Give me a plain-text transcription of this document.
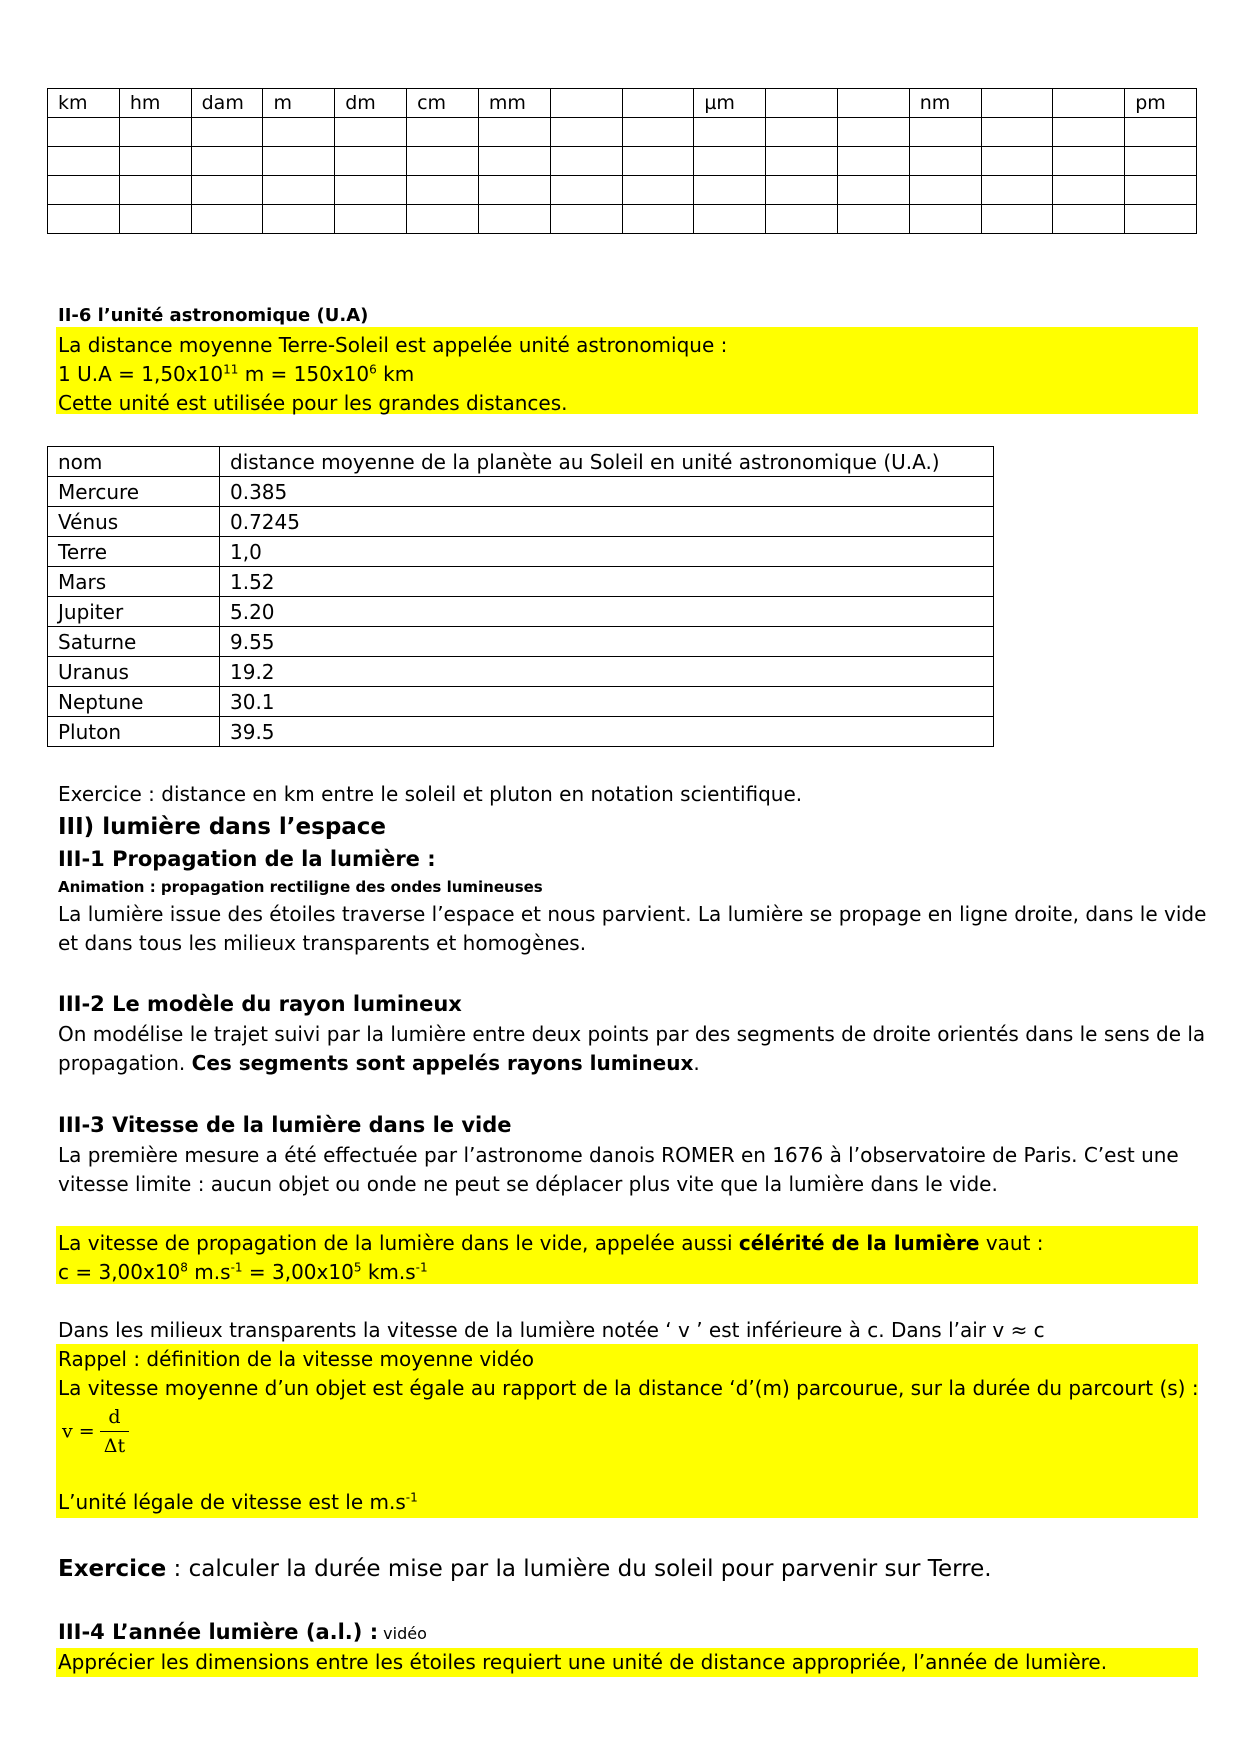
km	hm	dam	m	dm	cm	mm			µm			nm			pm

II-6 l’unité astronomique (U.A)
La distance moyenne Terre-Soleil est appelée unité astronomique :
1 $U.A = 1,50x10^{11}$ $m = 150x10^6$ km
Cette unité est utilisée pour les grandes distances.
nom	distance moyenne de la planète au Soleil en unité astronomique (U.A.)
Mercure	0.385
Vénus	0.7245
Terre	1,0
Mars	1.52
Jupiter	5.20
Saturne	9.55
Uranus	19.2
Neptune	30.1
Pluton	39.5
Exercice : distance en km entre le soleil et pluton en notation scientifique.
III) lumière dans l’espace
III-1 Propagation de la lumière :
Animation : propagation rectiligne des ondes lumineuses
La lumière issue des étoiles traverse l’espace et nous parvient. La lumière se propage en ligne droite, dans le vide
et dans tous les milieux transparents et homogènes.
III-2 Le modèle du rayon lumineux
On modélise le trajet suivi par la lumière entre deux points par des segments de droite orientés dans le sens de la
propagation. Ces segments sont appelés rayons lumineux.
III-3 Vitesse de la lumière dans le vide
La première mesure a été effectuée par l’astronome danois ROMER en 1676 à l’observatoire de Paris. C’est une
vitesse limite : aucun objet ou onde ne peut se déplacer plus vite que la lumière dans le vide.
La vitesse de propagation de la lumière dans le vide, appelée aussi célérité de la lumière vaut :
$c = 3,00x10^8$ $m.s^{-1} = 3,00x10^5$ $km.s^{-1}$
Dans les milieux transparents la vitesse de la lumière notée ‘ v ’ est inférieure à c. Dans l’air v ≈ c
Rappel : définition de la vitesse moyenne vidéo
La vitesse moyenne d’un objet est égale au rapport de la distance ‘d’(m) parcourue, sur la durée du parcourt (s) :
$v = \frac{d}{\Delta t}$
L’unité légale de vitesse est le $m.s^{-1}$
Exercice : calculer la durée mise par la lumière du soleil pour parvenir sur Terre.
III-4 L’année lumière (a.l.) : vidéo
Apprécier les dimensions entre les étoiles requiert une unité de distance appropriée, l’année de lumière.
